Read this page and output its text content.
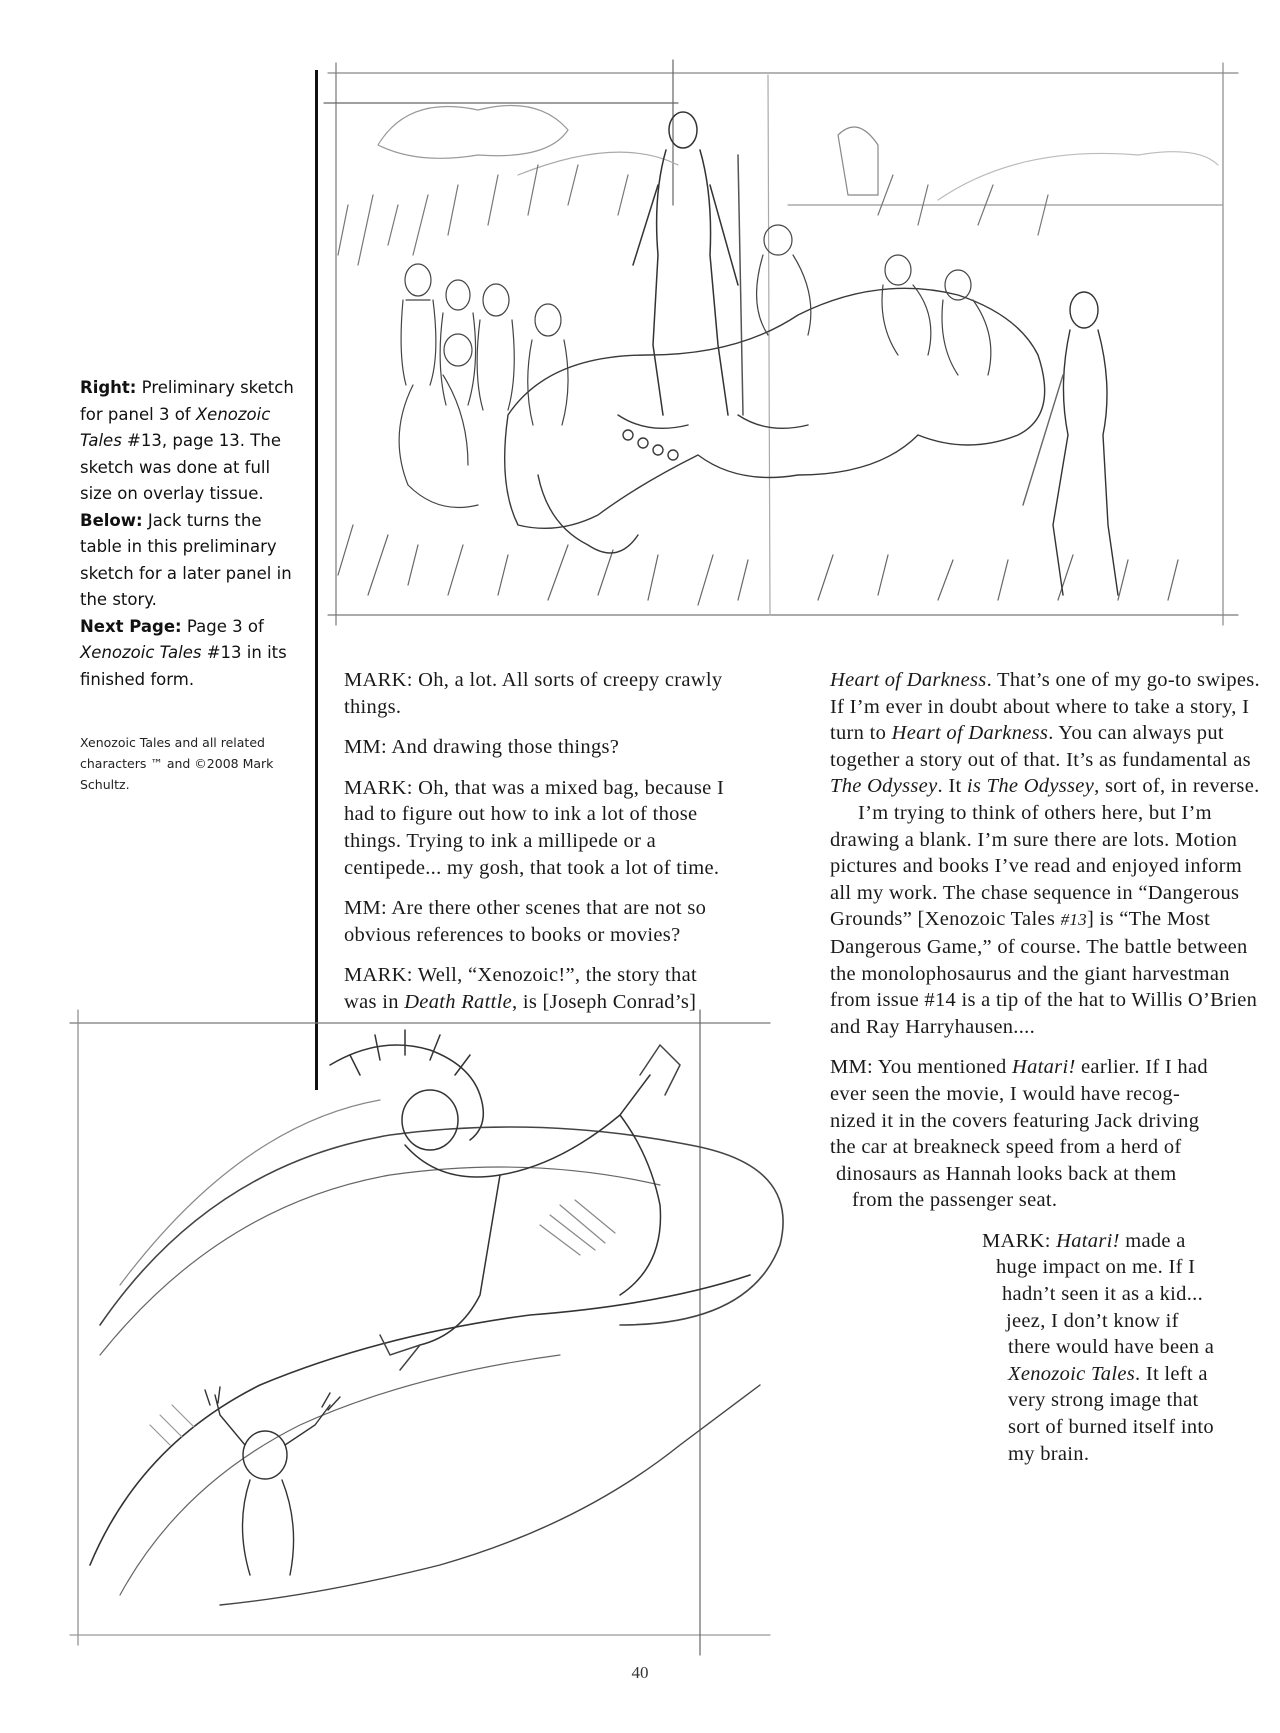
Right: Preliminary sketch for panel 3 of Xenozoic Tales #13, page 13. The sketch was done at full size on overlay tissue.

Below: Jack turns the table in this preliminary sketch for a later panel in the story.

Next Page: Page 3 of Xenozoic Tales #13 in its finished form.

Xenozoic Tales and all related characters ™ and ©2008 Mark Schultz.

MARK: Oh, a lot. All sorts of creepy crawly things.

MM: And drawing those things?

MARK: Oh, that was a mixed bag, because I had to figure out how to ink a lot of those things. Trying to ink a millipede or a centipede... my gosh, that took a lot of time.

MM: Are there other scenes that are not so obvious references to books or movies?

MARK: Well, “Xenozoic!”, the story that was in Death Rattle, is [Joseph Conrad’s]

Heart of Darkness. That’s one of my go-to swipes. If I’m ever in doubt about where to take a story, I turn to Heart of Darkness. You can always put together a story out of that. It’s as fundamental as The Odyssey. It is The Odyssey, sort of, in reverse.

I’m trying to think of others here, but I’m drawing a blank. I’m sure there are lots. Motion pictures and books I’ve read and enjoyed inform all my work. The chase sequence in “Dangerous Grounds” [Xenozoic Tales #13] is “The Most Dangerous Game,” of course. The battle between the monolophosaurus and the giant harvestman from issue #14 is a tip of the hat to Willis O’Brien and Ray Harryhausen....

MM: You mentioned Hatari! earlier. If I had
ever seen the movie, I would have recog-
nized it in the covers featuring Jack driving
the car at breakneck speed from a herd of
dinosaurs as Hannah looks back at them
from the passenger seat.
MARK: Hatari! made a
huge impact on me. If I
hadn’t seen it as a kid...
jeez, I don’t know if
there would have been a
Xenozoic Tales. It left a
very strong image that
sort of burned itself into
my brain.
40
